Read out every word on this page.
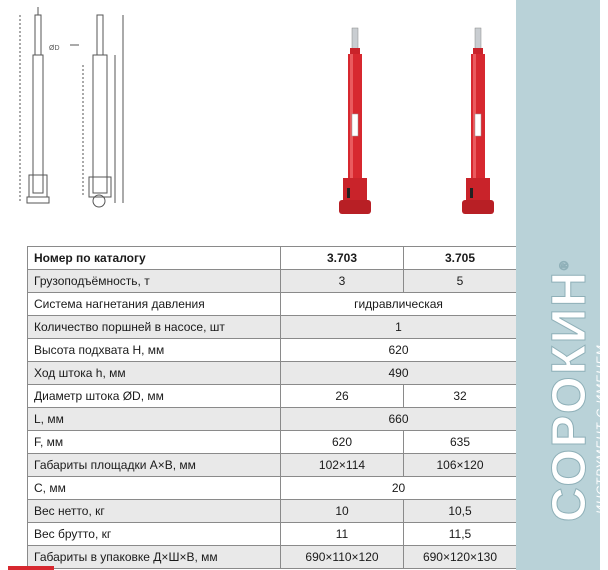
ØD
Номер по каталогу	3.703	3.705
Грузоподъёмность, т	3	5
Система нагнетания давления	гидравлическая	
Количество поршней в насосе, шт	1	
Высота подхвата Н, мм	620	
Ход штока h, мм	490	
Диаметр штока ØD, мм	26	32
L, мм	660	
F, мм	620	635
Габариты площадки А×В, мм	102×114	106×120
С, мм	20	
Вес нетто, кг	10	10,5
Вес брутто, кг	11	11,5
Габариты в упаковке Д×Ш×В, мм	690×110×120	690×120×130
СОРОКИН®
ИНСТРУМЕНТ С ИМЕНЕМ
